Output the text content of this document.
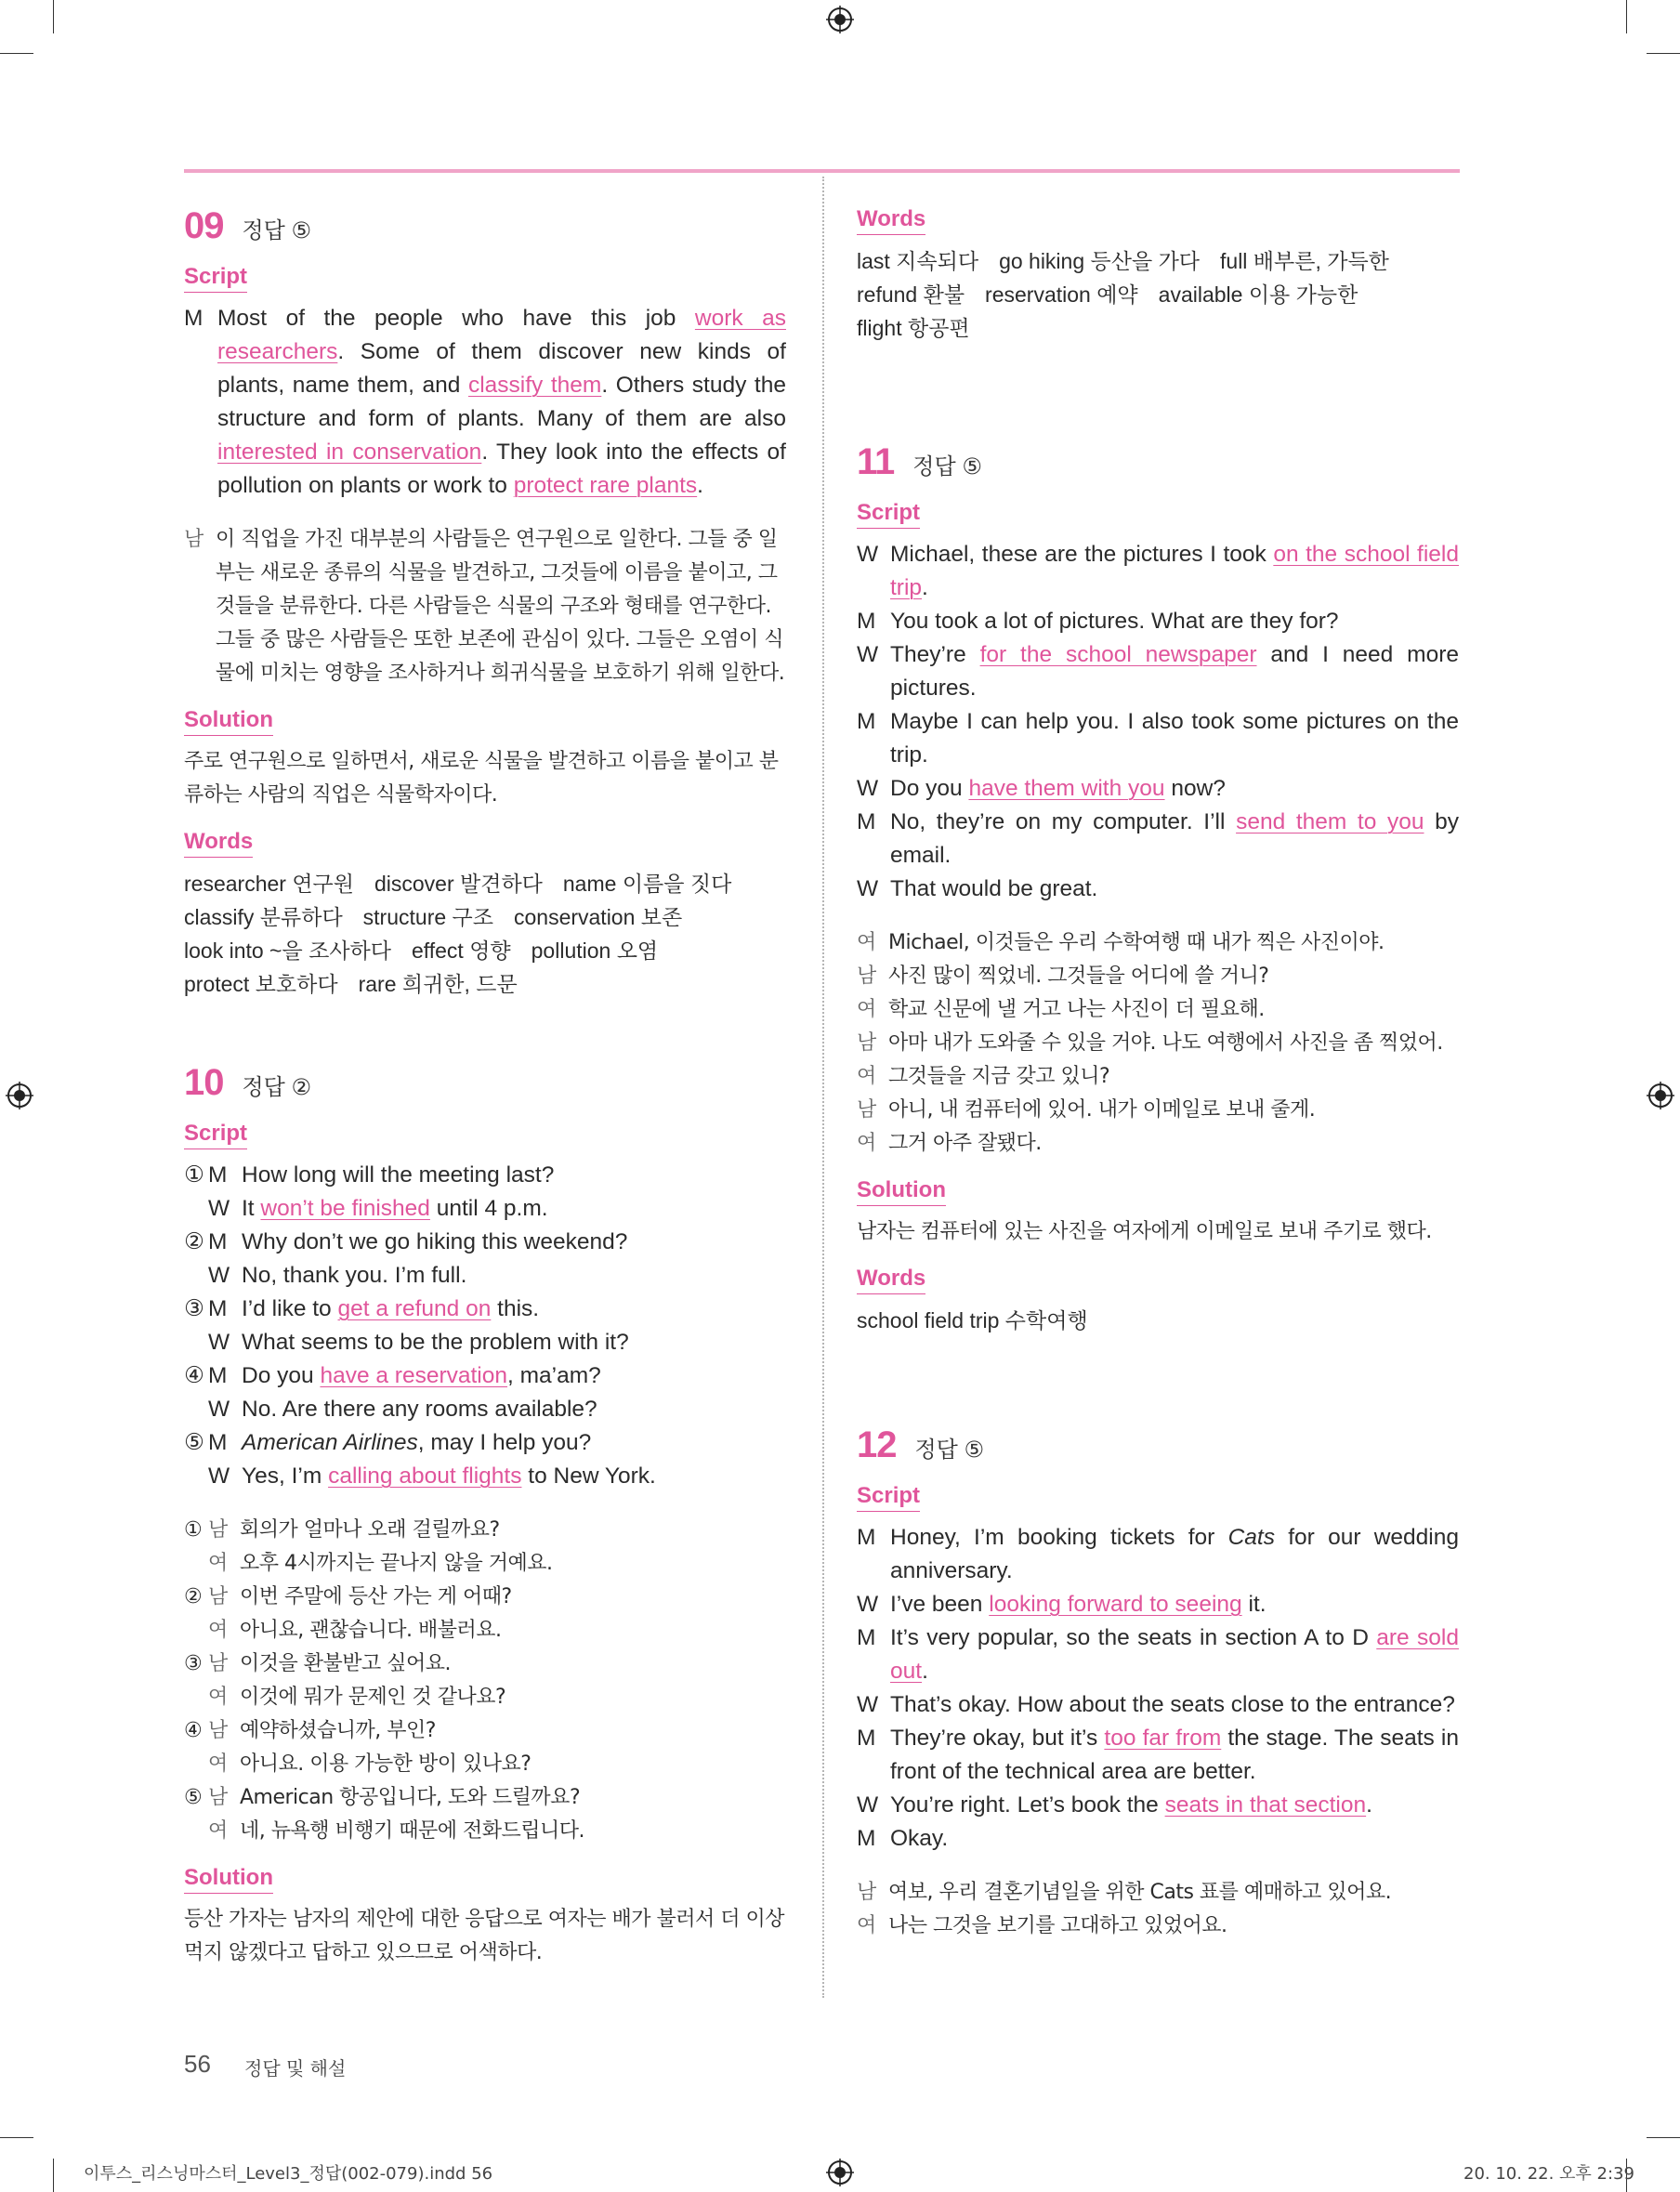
09 정답 ⑤
Script
M Most of the people who have this job work as researchers. Some of them discover new kinds of plants, name them, and classify them. Others study the structure and form of plants. Many of them are also interested in conservation. They look into the effects of pollution on plants or work to protect rare plants.
남 이 직업을 가진 대부분의 사람들은 연구원으로 일한다. 그들 중 일부는 새로운 종류의 식물을 발견하고, 그것들에 이름을 붙이고, 그것들을 분류한다. 다른 사람들은 식물의 구조와 형태를 연구한다. 그들 중 많은 사람들은 또한 보존에 관심이 있다. 그들은 오염이 식물에 미치는 영향을 조사하거나 희귀식물을 보호하기 위해 일한다.
Solution
주로 연구원으로 일하면서, 새로운 식물을 발견하고 이름을 붙이고 분류하는 사람의 직업은 식물학자이다.
Words
researcher 연구원 discover 발견하다 name 이름을 짓다
classify 분류하다 structure 구조 conservation 보존
look into ~을 조사하다 effect 영향 pollution 오염
protect 보호하다 rare 희귀한, 드문
10 정답 ②
Script
① M How long will the meeting last?
W It won’t be finished until 4 p.m.
② M Why don’t we go hiking this weekend?
W No, thank you. I’m full.
③ M I’d like to get a refund on this.
W What seems to be the problem with it?
④ M Do you have a reservation, ma’am?
W No. Are there any rooms available?
⑤ M American Airlines, may I help you?
W Yes, I’m calling about flights to New York.
① 남 회의가 얼마나 오래 걸릴까요?
여 오후 4시까지는 끝나지 않을 거예요.
② 남 이번 주말에 등산 가는 게 어때?
여 아니요, 괜찮습니다. 배불러요.
③ 남 이것을 환불받고 싶어요.
여 이것에 뭐가 문제인 것 같나요?
④ 남 예약하셨습니까, 부인?
여 아니요. 이용 가능한 방이 있나요?
⑤ 남 American 항공입니다, 도와 드릴까요?
여 네, 뉴욕행 비행기 때문에 전화드립니다.
Solution
등산 가자는 남자의 제안에 대한 응답으로 여자는 배가 불러서 더 이상 먹지 않겠다고 답하고 있으므로 어색하다.
Words
last 지속되다 go hiking 등산을 가다 full 배부른, 가득한
refund 환불 reservation 예약 available 이용 가능한
flight 항공편
11 정답 ⑤
Script
W Michael, these are the pictures I took on the school field trip.
M You took a lot of pictures. What are they for?
W They’re for the school newspaper and I need more pictures.
M Maybe I can help you. I also took some pictures on the trip.
W Do you have them with you now?
M No, they’re on my computer. I’ll send them to you by email.
W That would be great.
여 Michael, 이것들은 우리 수학여행 때 내가 찍은 사진이야.
남 사진 많이 찍었네. 그것들을 어디에 쓸 거니?
여 학교 신문에 낼 거고 나는 사진이 더 필요해.
남 아마 내가 도와줄 수 있을 거야. 나도 여행에서 사진을 좀 찍었어.
여 그것들을 지금 갖고 있니?
남 아니, 내 컴퓨터에 있어. 내가 이메일로 보내 줄게.
여 그거 아주 잘됐다.
Solution
남자는 컴퓨터에 있는 사진을 여자에게 이메일로 보내 주기로 했다.
Words
school field trip 수학여행
12 정답 ⑤
Script
M Honey, I’m booking tickets for Cats for our wedding anniversary.
W I’ve been looking forward to seeing it.
M It’s very popular, so the seats in section A to D are sold out.
W That’s okay. How about the seats close to the entrance?
M They’re okay, but it’s too far from the stage. The seats in front of the technical area are better.
W You’re right. Let’s book the seats in that section.
M Okay.
남 여보, 우리 결혼기념일을 위한 Cats 표를 예매하고 있어요.
여 나는 그것을 보기를 고대하고 있었어요.
56 정답 및 해설
이투스_리스닝마스터_Level3_정답(002-079).indd 56	20. 10. 22. 오후 2:39
